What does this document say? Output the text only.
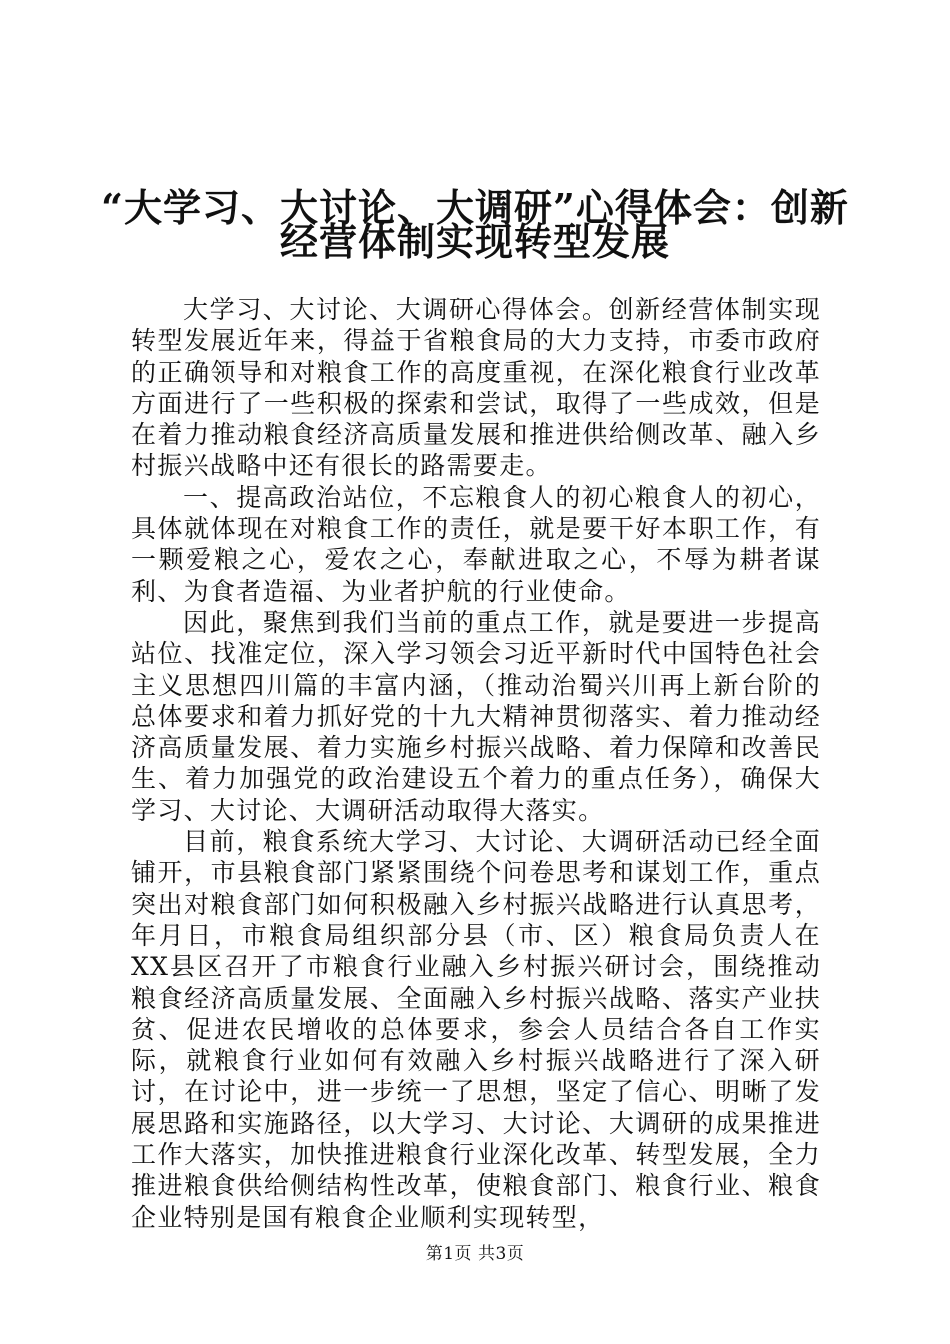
“大学习、大讨论、大调研”心得体会：创新
经营体制实现转型发展

大学习、大讨论、大调研心得体会。创新经营体制实现转型发展近年来，得益于省粮食局的大力支持，市委市政府的正确领导和对粮食工作的高度重视，在深化粮食行业改革方面进行了一些积极的探索和尝试，取得了一些成效，但是在着力推动粮食经济高质量发展和推进供给侧改革、融入乡村振兴战略中还有很长的路需要走。

一、提高政治站位，不忘粮食人的初心粮食人的初心，具体就体现在对粮食工作的责任，就是要干好本职工作，有一颗爱粮之心，爱农之心，奉献进取之心，不辱为耕者谋利、为食者造福、为业者护航的行业使命。

因此，聚焦到我们当前的重点工作，就是要进一步提高站位、找准定位，深入学习领会习近平新时代中国特色社会主义思想四川篇的丰富内涵，（推动治蜀兴川再上新台阶的总体要求和着力抓好党的十九大精神贯彻落实、着力推动经济高质量发展、着力实施乡村振兴战略、着力保障和改善民生、着力加强党的政治建设五个着力的重点任务），确保大学习、大讨论、大调研活动取得大落实。

目前，粮食系统大学习、大讨论、大调研活动已经全面铺开，市县粮食部门紧紧围绕个问卷思考和谋划工作，重点突出对粮食部门如何积极融入乡村振兴战略进行认真思考，年月日，市粮食局组织部分县（市、区）粮食局负责人在XX县区召开了市粮食行业融入乡村振兴研讨会，围绕推动粮食经济高质量发展、全面融入乡村振兴战略、落实产业扶贫、促进农民增收的总体要求，参会人员结合各自工作实际，就粮食行业如何有效融入乡村振兴战略进行了深入研讨，在讨论中，进一步统一了思想，坚定了信心、明晰了发展思路和实施路径，以大学习、大讨论、大调研的成果推进工作大落实，加快推进粮食行业深化改革、转型发展，全力推进粮食供给侧结构性改革，使粮食部门、粮食行业、粮食企业特别是国有粮食企业顺利实现转型，

第1页 共3页
